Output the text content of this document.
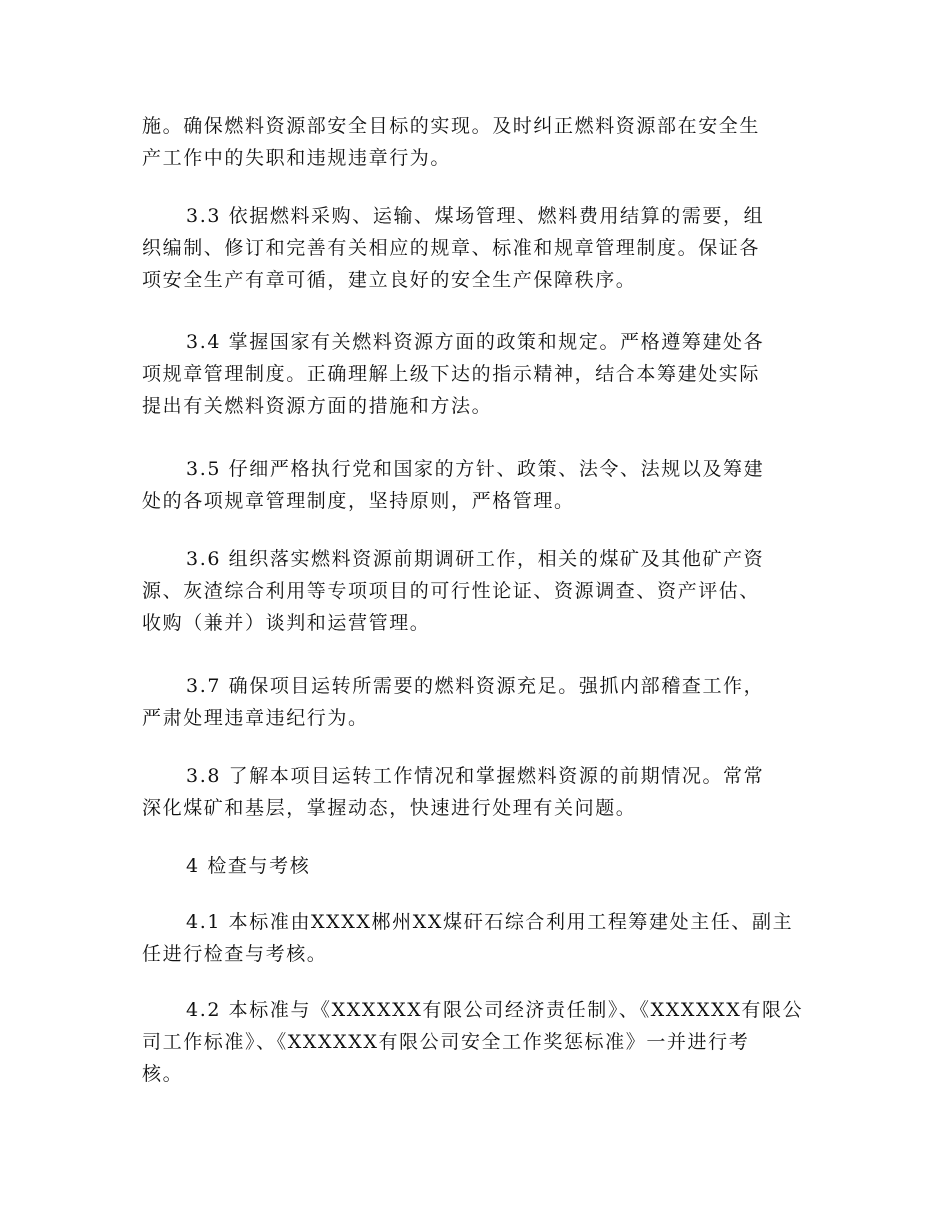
施。确保燃料资源部安全目标的实现。及时纠正燃料资源部在安全生
产工作中的失职和违规违章行为。
3.3 依据燃料采购、运输、煤场管理、燃料费用结算的需要，组
织编制、修订和完善有关相应的规章、标准和规章管理制度。保证各
项安全生产有章可循，建立良好的安全生产保障秩序。
3.4 掌握国家有关燃料资源方面的政策和规定。严格遵筹建处各
项规章管理制度。正确理解上级下达的指示精神，结合本筹建处实际
提出有关燃料资源方面的措施和方法。
3.5 仔细严格执行党和国家的方针、政策、法令、法规以及筹建
处的各项规章管理制度，坚持原则，严格管理。
3.6 组织落实燃料资源前期调研工作，相关的煤矿及其他矿产资
源、灰渣综合利用等专项项目的可行性论证、资源调查、资产评估、
收购（兼并）谈判和运营管理。
3.7 确保项目运转所需要的燃料资源充足。强抓内部稽查工作，
严肃处理违章违纪行为。
3.8 了解本项目运转工作情况和掌握燃料资源的前期情况。常常
深化煤矿和基层，掌握动态，快速进行处理有关问题。
4 检查与考核
4.1 本标准由XXXX郴州XX煤矸石综合利用工程筹建处主任、副主
任进行检查与考核。
4.2 本标准与《XXXXXX有限公司经济责任制》、《XXXXXX有限公
司工作标准》、《XXXXXX有限公司安全工作奖惩标准》一并进行考
核。
